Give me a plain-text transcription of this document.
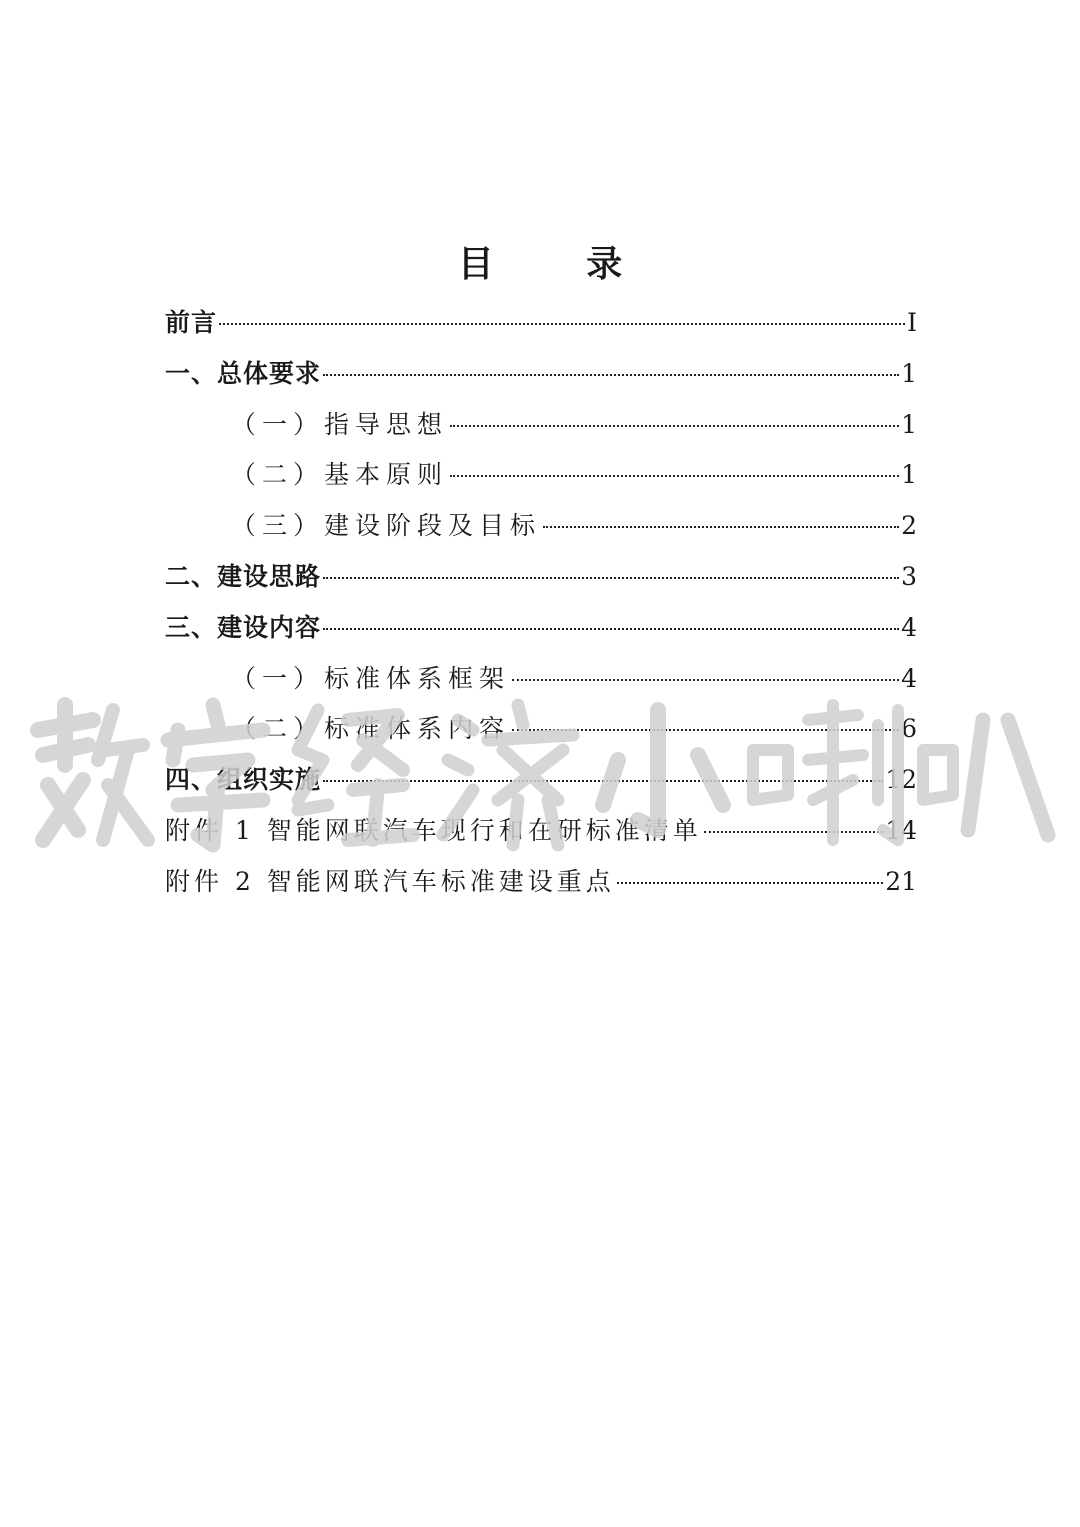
目 录
前言	I
一、总体要求	1
（一）指导思想	1
（二）基本原则	1
（三）建设阶段及目标	2
二、建设思路	3
三、建设内容	4
（一）标准体系框架	4
（二）标准体系内容	6
四、组织实施	12
附件 1 智能网联汽车现行和在研标准清单	14
附件 2 智能网联汽车标准建设重点	21
